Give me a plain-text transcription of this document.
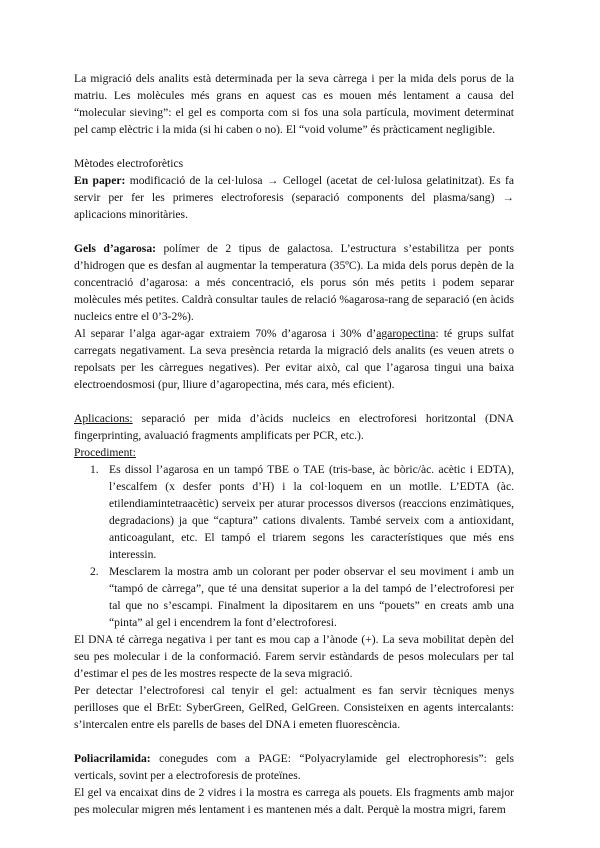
La migració dels analits està determinada per la seva càrrega i per la mida dels porus de la matriu. Les molècules més grans en aquest cas es mouen més lentament a causa del “molecular sieving”: el gel es comporta com si fos una sola partícula, moviment determinat pel camp elèctric i la mida (si hi caben o no). El “void volume” és pràcticament negligible.

Mètodes electroforètics

En paper: modificació de la cel·lulosa → Cellogel (acetat de cel·lulosa gelatinitzat). Es fa servir per fer les primeres electroforesis (separació components del plasma/sang) → aplicacions minoritàries.

Gels d’agarosa: polímer de 2 tipus de galactosa. L’estructura s’estabilitza per ponts d’hidrogen que es desfan al augmentar la temperatura (35ºC). La mida dels porus depèn de la concentració d’agarosa: a més concentració, els porus són més petits i podem separar molècules més petites. Caldrà consultar taules de relació %agarosa-rang de separació (en àcids nucleics entre el 0’3-2%).

Al separar l’alga agar-agar extraiem 70% d’agarosa i 30% d’agaropectina: té grups sulfat carregats negativament. La seva presència retarda la migració dels analits (es veuen atrets o repolsats per les càrregues negatives). Per evitar això, cal que l’agarosa tingui una baixa electroendosmosi (pur, lliure d’agaropectina, més cara, més eficient).

Aplicacions: separació per mida d’àcids nucleics en electroforesi horitzontal (DNA fingerprinting, avaluació fragments amplificats per PCR, etc.).

Procediment:

1. Es dissol l’agarosa en un tampó TBE o TAE (tris-base, àc bòric/àc. acètic i EDTA), l’escalfem (x desfer ponts d’H) i la col·loquem en un motlle. L’EDTA (àc. etilendiamintetraacètic) serveix per aturar processos diversos (reaccions enzimàtiques, degradacions) ja que “captura” cations divalents. També serveix com a antioxidant, anticoagulant, etc. El tampó el triarem segons les característiques que més ens interessin.
2. Mesclarem la mostra amb un colorant per poder observar el seu moviment i amb un “tampó de càrrega”, que té una densitat superior a la del tampó de l’electroforesi per tal que no s’escampi. Finalment la dipositarem en uns “pouets” en creats amb una “pinta” al gel i encendrem la font d’electroforesi.

El DNA té càrrega negativa i per tant es mou cap a l’ànode (+). La seva mobilitat depèn del seu pes molecular i de la conformació. Farem servir estàndards de pesos moleculars per tal d’estimar el pes de les mostres respecte de la seva migració.

Per detectar l’electroforesi cal tenyir el gel: actualment es fan servir tècniques menys perilloses que el BrEt: SyberGreen, GelRed, GelGreen. Consisteixen en agents intercalants: s’intercalen entre els parells de bases del DNA i emeten fluorescència.

Poliacrilamida: conegudes com a PAGE: “Polyacrylamide gel electrophoresis”: gels verticals, sovint per a electroforesis de proteïnes.

El gel va encaixat dins de 2 vidres i la mostra es carrega als pouets. Els fragments amb major pes molecular migren més lentament i es mantenen més a dalt. Perquè la mostra migri, farem
